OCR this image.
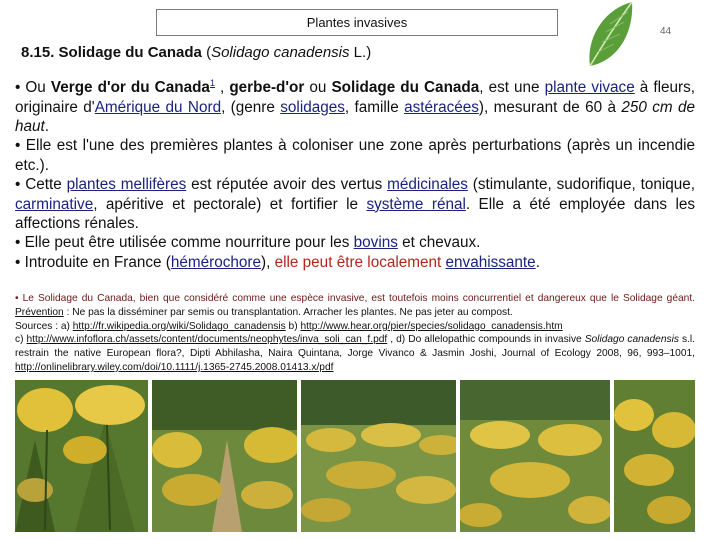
Plantes invasives
44
8.15. Solidage du Canada (Solidago canadensis L.)

• Ou Verge d'or du Canada$^1$ , gerbe-d'or ou Solidage du Canada, est une plante vivace à fleurs, originaire d'Amérique du Nord, (genre solidages, famille astéracées), mesurant de 60 à 250 cm de haut.

• Elle est l'une des premières plantes à coloniser une zone après perturbations (après un incendie etc.).

• Cette plantes mellifères est réputée avoir des vertus médicinales (stimulante, sudorifique, tonique, carminative, apéritive et pectorale) et fortifier le système rénal. Elle a été employée dans les affections rénales.

• Elle peut être utilisée comme nourriture pour les bovins et chevaux.

• Introduite en France (hémérochore), elle peut être localement envahissante.

• Le Solidage du Canada, bien que considéré comme une espèce invasive, est toutefois moins concurrentiel et dangereux que le Solidage géant. Prévention : Ne pas la disséminer par semis ou transplantation. Arracher les plantes. Ne pas jeter au compost.

Sources : a) http://fr.wikipedia.org/wiki/Solidago_canadensis b) http://www.hear.org/pier/species/solidago_canadensis.htm

c) http://www.infoflora.ch/assets/content/documents/neophytes/inva_soli_can_f.pdf , d) Do allelopathic compounds in invasive Solidago canadensis s.l. restrain the native European flora?, Dipti Abhilasha, Naira Quintana, Jorge Vivanco & Jasmin Joshi, Journal of Ecology 2008, 96, 993–1001, http://onlinelibrary.wiley.com/doi/10.1111/j.1365-2745.2008.01413.x/pdf
